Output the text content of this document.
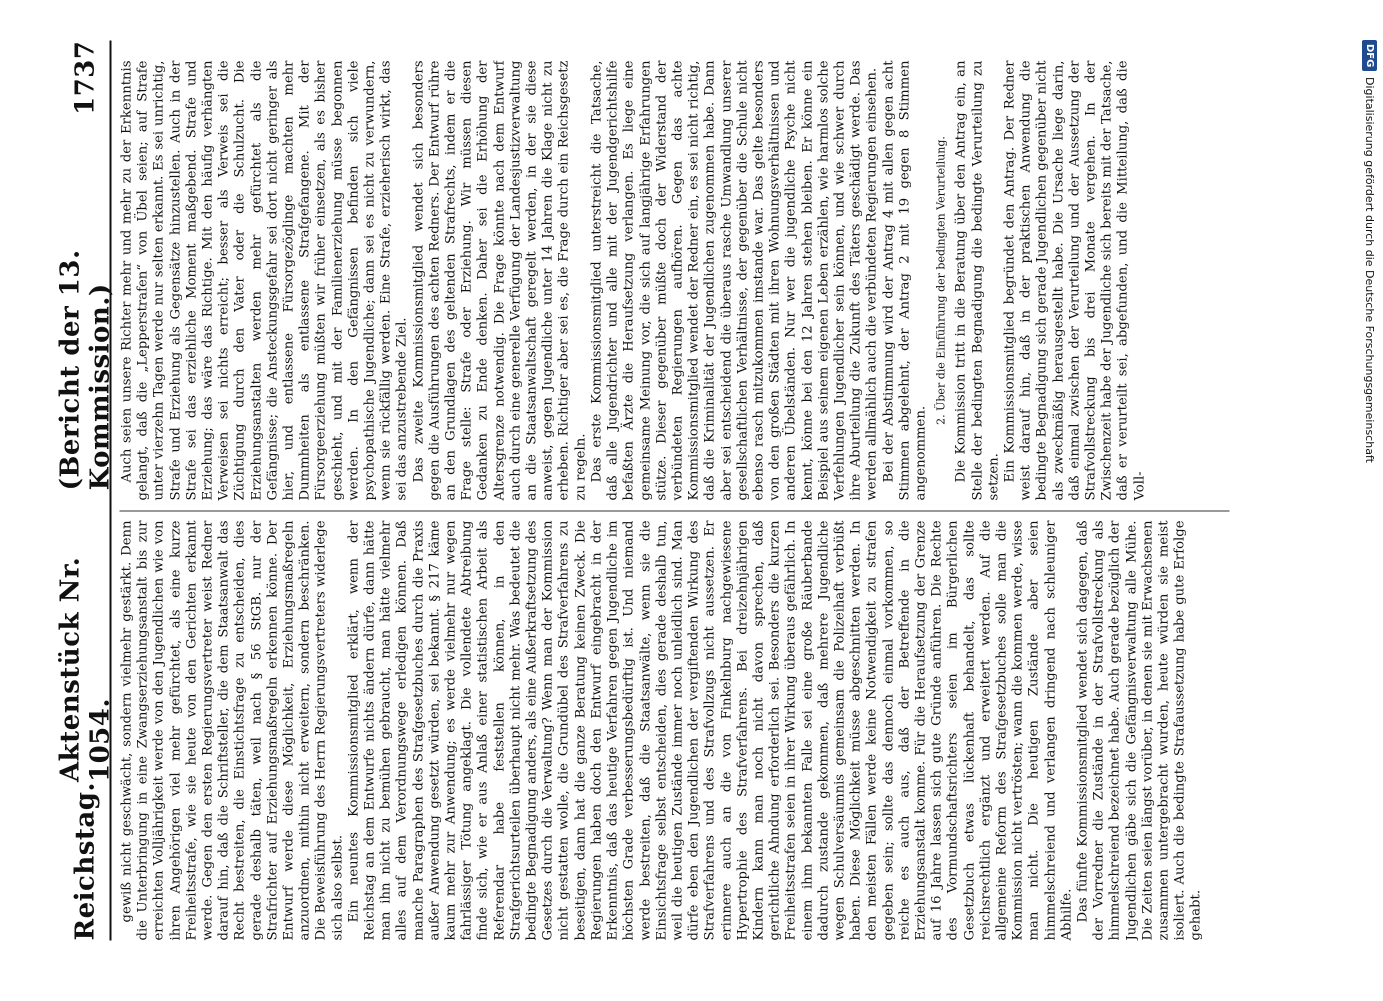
Reichstag.
Aktenstück Nr. 1054.
(Bericht der 13. Kommission.)
1737

gewiß nicht geschwächt, sondern vielmehr gestärkt. Denn die Unterbringung in eine Zwangserziehungsanstalt bis zur erreichten Volljährigkeit werde von den Jugendlichen wie von ihren Angehörigen viel mehr gefürchtet, als eine kurze Freiheitsstrafe, wie sie heute von den Gerichten erkannt werde. Gegen den ersten Regierungsvertreter weist Redner darauf hin, daß die Schriftsteller, die dem Staatsanwalt das Recht bestreiten, die Einstichtsfrage zu entscheiden, dies gerade deshalb täten, weil nach § 56 StGB. nur der Strafrichter auf Erziehungsmaßregeln erkennen könne. Der Entwurf werde diese Möglichkeit, Erziehungsmaßregeln anzuordnen, mithin nicht erweitern, sondern beschränken. Die Beweisführung des Herrn Regierungsvertreters widerlege sich also selbst. Ein neuntes Kommissionsmitglied erklärt, wenn der Reichstag an dem Entwurfe nichts ändern dürfe, dann hätte man ihn nicht zu bemühen gebraucht, man hätte vielmehr alles auf dem Verordnungswege erledigen können. Daß manche Paragraphen des Strafgesetzbuches durch die Praxis außer Anwendung gesetzt würden, sei bekannt. § 217 käme kaum mehr zur Anwendung; es werde vielmehr nur wegen fahrlässiger Tötung angeklagt. Die vollendete Abtreibung finde sich, wie er aus Anlaß einer statistischen Arbeit als Referendar habe feststellen können, in den Strafgerichtsurteilen überhaupt nicht mehr. Was bedeutet die bedingte Begnadigung anders, als eine Außerkraftsetzung des Gesetzes durch die Verwaltung? Wenn man der Kommission nicht gestatten wolle, die Grundübel des Strafverfahrens zu beseitigen, dann hat die ganze Beratung keinen Zweck. Die Regierungen haben doch den Entwurf eingebracht in der Erkenntnis, daß das heutige Verfahren gegen Jugendliche im höchsten Grade verbesserungsbedürftig ist. Und niemand werde bestreiten, daß die Staatsanwälte, wenn sie die Einsichtsfrage selbst entscheiden, dies gerade deshalb tun, weil die heutigen Zustände immer noch unleidlich sind. Man dürfe eben den Jugendlichen der vergiftenden Wirkung des Strafverfahrens und des Strafvollzugs nicht aussetzen. Er erinnere auch an die von Finkelnburg nachgewiesene Hypertrophie des Strafverfahrens. Bei dreizehnjährigen Kindern kann man noch nicht davon sprechen, daß gerichtliche Ahndung erforderlich sei. Besonders die kurzen Freiheitsstrafen seien in ihrer Wirkung überaus gefährlich. In einem ihm bekannten Falle sei eine große Räuberbande dadurch zustande gekommen, daß mehrere Jugendliche wegen Schulversäumnis gemeinsam die Polizeihaft verbüßt haben. Diese Möglichkeit müsse abgeschnitten werden. In den meisten Fällen werde keine Notwendigkeit zu strafen gegeben sein; sollte das dennoch einmal vorkommen, so reiche es auch aus, daß der Betreffende in die Erziehungsanstalt komme. Für die Heraufsetzung der Grenze auf 16 Jahre lassen sich gute Gründe anführen. Die Rechte des Vormundschaftsrichters seien im Bürgerlichen Gesetzbuch etwas lückenhaft behandelt, das sollte reichsrechtlich ergänzt und erweitert werden. Auf die allgemeine Reform des Strafgesetzbuches solle man die Kommission nicht vertrösten; wann die kommen werde, wisse man nicht. Die heutigen Zustände aber seien himmelschreiend und verlangen dringend nach schleuniger Abhilfe. Das fünfte Kommissionsmitglied wendet sich dagegen, daß der Vorredner die Zustände in der Strafvollstreckung als himmelschreiend bezeichnet habe. Auch gerade bezüglich der Jugendlichen gäbe sich die Gefängnisverwaltung alle Mühe. Die Zeiten seien längst vorüber, in denen sie mit Erwachsenen zusammen untergebracht wurden, heute würden sie meist isoliert. Auch die bedingte Strafaussetzung habe gute Erfolge gehabt.

Auch seien unsere Richter mehr und mehr zu der Erkenntnis gelangt, daß die „Lepperstrafen“ von Übel seien; auf Strafe unter vierzehn Tagen werde nur selten erkannt. Es sei unrichtig, Strafe und Erziehung als Gegensätze hinzustellen. Auch in der Strafe sei das erziehliche Moment maßgebend. Strafe und Erziehung; das wäre das Richtige. Mit den häufig verhängten Verweisen sei nichts erreicht; besser als Verweis sei die Züchtigung durch den Vater oder die Schulzucht. Die Erziehungsanstalten werden mehr gefürchtet als die Gefängnisse; die Ansteckungsgefahr sei dort nicht geringer als hier, und entlassene Fürsorgezöglinge machten mehr Dummheiten als entlassene Strafgefangene. Mit der Fürsorgeerziehung müßten wir früher einsetzen, als es bisher geschieht, und mit der Familienerziehung müsse begonnen werden. In den Gefängnissen befinden sich viele psychopathische Jugendliche; dann sei es nicht zu verwundern, wenn sie rückfällig werden. Eine Strafe, erzieherisch wirkt, das sei das anzustrebende Ziel. Das zweite Kommissionsmitglied wendet sich besonders gegen die Ausführungen des achten Redners. Der Entwurf rühre an den Grundlagen des geltenden Strafrechts, indem er die Frage stelle: Strafe oder Erziehung. Wir müssen diesen Gedanken zu Ende denken. Daher sei die Erhöhung der Altersgrenze notwendig. Die Frage könnte nach dem Entwurf auch durch eine generelle Verfügung der Landesjustizverwaltung an die Staatsanwaltschaft geregelt werden, in der sie diese anweist, gegen Jugendliche unter 14 Jahren die Klage nicht zu erheben. Richtiger aber sei es, die Frage durch ein Reichsgesetz zu regeln. Das erste Kommissionsmitglied unterstreicht die Tatsache, daß alle Jugendrichter und alle mit der Jugendgerichtshilfe befaßten Ärzte die Heraufsetzung verlangen. Es liege eine gemeinsame Meinung vor, die sich auf langjährige Erfahrungen stütze. Dieser gegenüber müßte doch der Widerstand der verbündeten Regierungen aufhören. Gegen das achte Kommissionsmitglied wendet der Redner ein, es sei nicht richtig, daß die Kriminalität der Jugendlichen zugenommen habe. Dann aber sei entscheidend die überaus rasche Umwandlung unserer gesellschaftlichen Verhältnisse, der gegenüber die Schule nicht ebenso rasch mitzukommen imstande war. Das gelte besonders von den großen Städten mit ihren Wohnungsverhältnissen und anderen Übelständen. Nur wer die jugendliche Psyche nicht kennt, könne bei den 12 Jahren stehen bleiben. Er könne ein Beispiel aus seinem eigenen Leben erzählen, wie harmlos solche Verfehlungen Jugendlicher sein können, und wie schwer durch ihre Aburteilung die Zukunft des Täters geschädigt werde. Das werden allmählich auch die verbündeten Regierungen einsehen. Bei der Abstimmung wird der Antrag 4 mit allen gegen acht Stimmen abgelehnt, der Antrag 2 mit 19 gegen 8 Stimmen angenommen.

2. Über die Einführung der bedingten Verurteilung. Die Kommission tritt in die Beratung über den Antrag ein, an Stelle der bedingten Begnadigung die bedingte Verurteilung zu setzen. Ein Kommissionsmitglied begründet den Antrag. Der Redner weist darauf hin, daß in der praktischen Anwendung die bedingte Begnadigung sich gerade Jugendlichen gegenüber nicht als zweckmäßig herausgestellt habe. Die Ursache liege darin, daß einmal zwischen der Verurteilung und der Aussetzung der Strafvollstreckung bis drei Monate vergehen. In der Zwischenzeit habe der Jugendliche sich bereits mit der Tatsache, daß er verurteilt sei, abgefunden, und die Mitteilung, daß die Voll-

DFG
Digitalisierung gefördert durch die Deutsche Forschungsgemeinschaft
